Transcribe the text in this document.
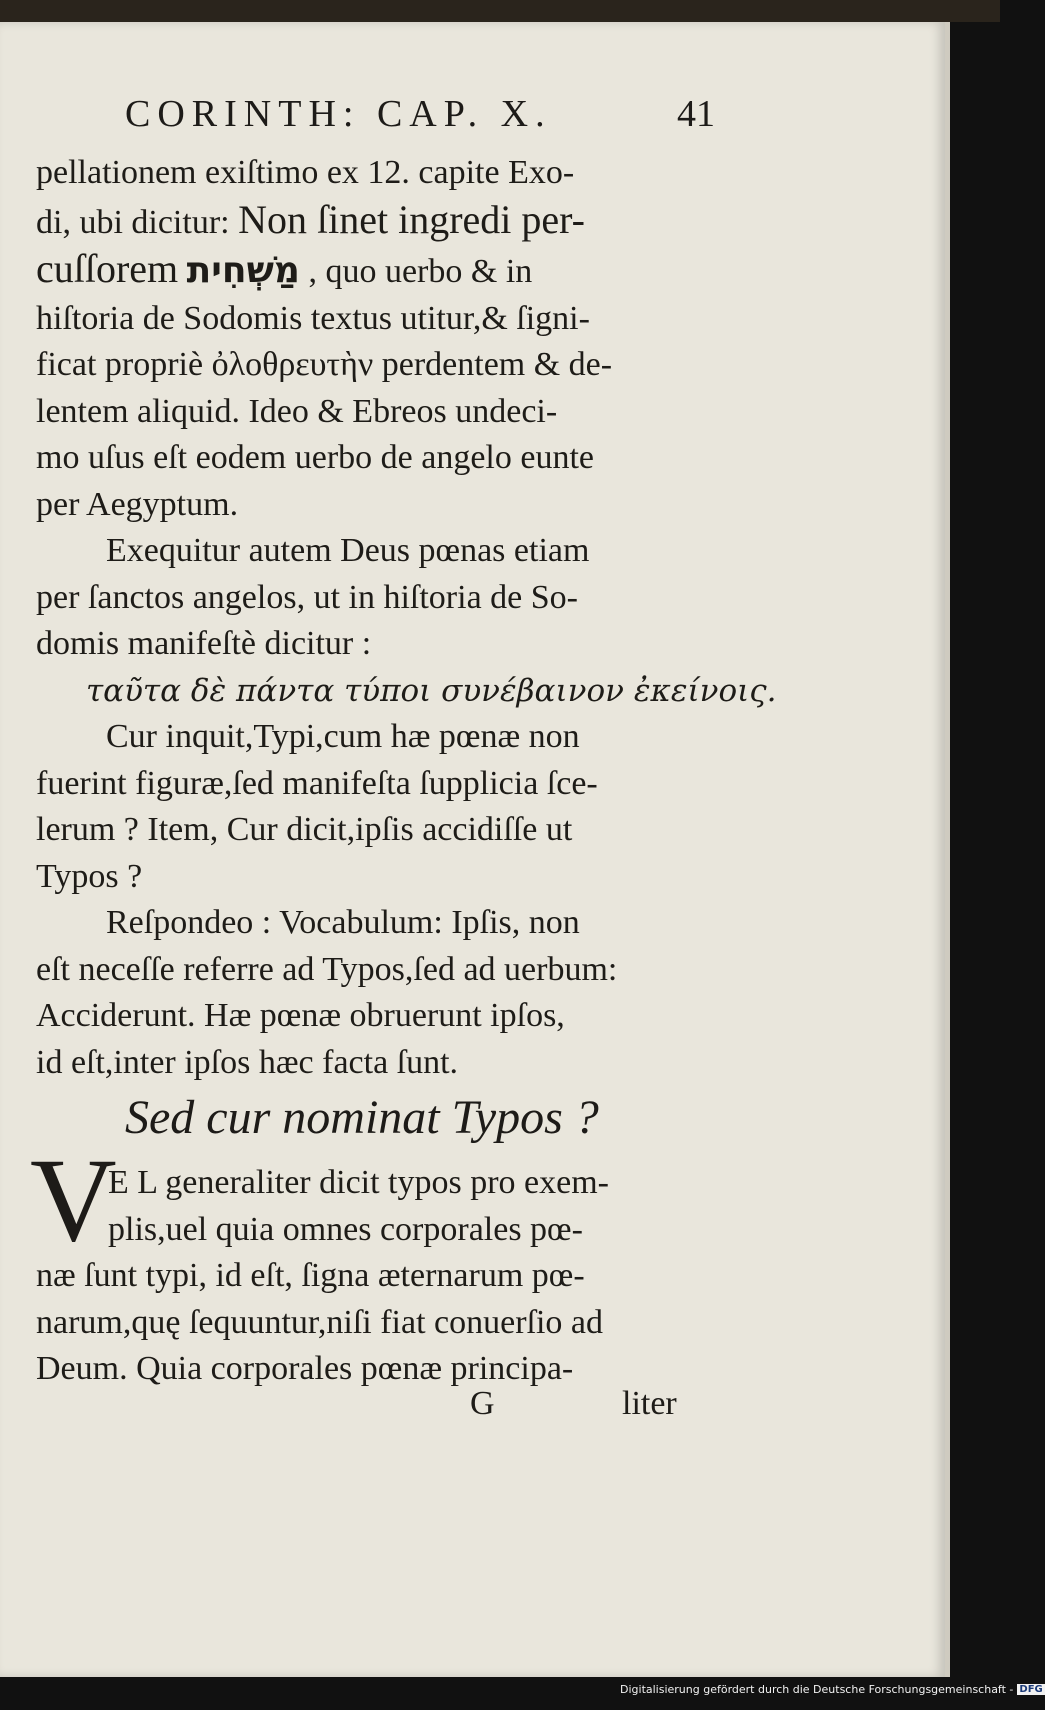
CORINTH: CAP. X.	41
pellationem exiſtimo ex 12. capite Exo-
di, ubi dicitur: Non ſinet ingredi per-
cuſſorem מַשְׁחִית , quo uerbo & in
hiſtoria de Sodomis textus utitur,& ſigni-
ficat propriè ὀλοθρευτὴν perdentem & de-
lentem aliquid. Ideo & Ebreos undeci-
mo uſus eſt eodem uerbo de angelo eunte
per Aegyptum.
Exequitur autem Deus pœnas etiam
per ſanctos angelos, ut in hiſtoria de So-
domis manifeſtè dicitur :
ταῦτα δὲ πάντα τύποι συνέβαινον ἐκείνοις.
Cur inquit,Typi,cum hæ pœnæ non
fuerint figuræ,ſed manifeſta ſupplicia ſce-
lerum ? Item, Cur dicit,ipſis accidiſſe ut
Typos ?
Reſpondeo : Vocabulum: Ipſis, non
eſt neceſſe referre ad Typos,ſed ad uerbum:
Acciderunt. Hæ pœnæ obruerunt ipſos,
id eſt,inter ipſos hæc facta ſunt.
Sed cur nominat Typos ?
V
E L generaliter dicit typos pro exem-
plis,uel quia omnes corporales pœ-
næ ſunt typi, id eſt, ſigna æternarum pœ-
narum,quę ſequuntur,niſi fiat conuerſio ad
Deum. Quia corporales pœnæ principa-
G	liter
Digitalisierung gefördert durch die Deutsche Forschungsgemeinschaft - DFG
